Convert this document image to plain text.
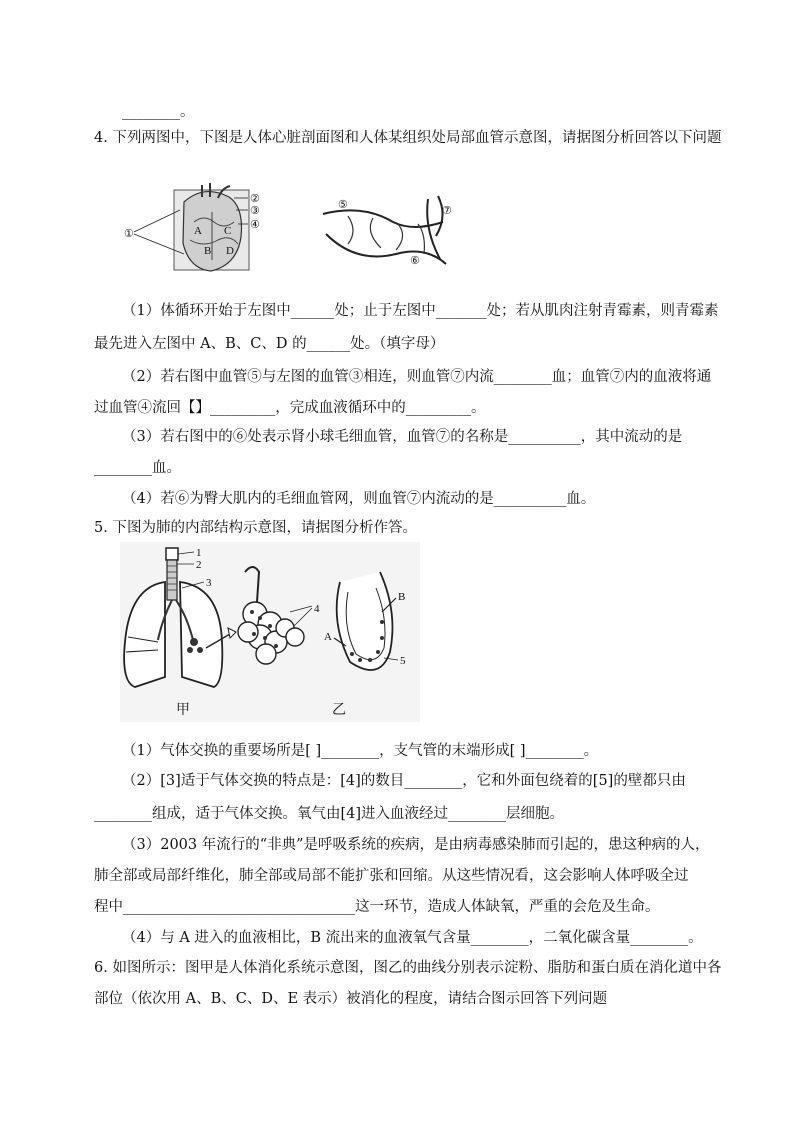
________。
4. 下列两图中，下图是人体心脏剖面图和人体某组织处局部血管示意图，请据图分析回答以下问题
A
B
C
D
①
②
③
④
⑤
⑥
⑦
（1）体循环开始于左图中______处；止于左图中_______处；若从肌肉注射青霉素，则青霉素
最先进入左图中 A、B、C、D 的______处。（填字母）
（2）若右图中血管⑤与左图的血管③相连，则血管⑦内流________血；血管⑦内的血液将通
过血管④流回【】_________，完成血液循环中的_________。
（3）若右图中的⑥处表示肾小球毛细血管，血管⑦的名称是__________，其中流动的是
________血。
（4）若⑥为臀大肌内的毛细血管网，则血管⑦内流动的是__________血。
5. 下图为肺的内部结构示意图，请据图分析作答。
4
B
A
5
1
2
3
甲	乙
（1）气体交换的重要场所是[ ]________，支气管的末端形成[ ]________。
（2）[3]适于气体交换的特点是：[4]的数目________，它和外面包绕着的[5]的壁都只由
________组成，适于气体交换。氧气由[4]进入血液经过________层细胞。
（3）2003 年流行的“非典”是呼吸系统的疾病，是由病毒感染肺而引起的，患这种病的人，
肺全部或局部纤维化，肺全部或局部不能扩张和回缩。从这些情况看，这会影响人体呼吸全过
程中________________________________这一环节，造成人体缺氧，严重的会危及生命。
（4）与 A 进入的血液相比，B 流出来的血液氧气含量________，二氧化碳含量________。
6. 如图所示：图甲是人体消化系统示意图，图乙的曲线分别表示淀粉、脂肪和蛋白质在消化道中各
部位（依次用 A、B、C、D、E 表示）被消化的程度，请结合图示回答下列问题
